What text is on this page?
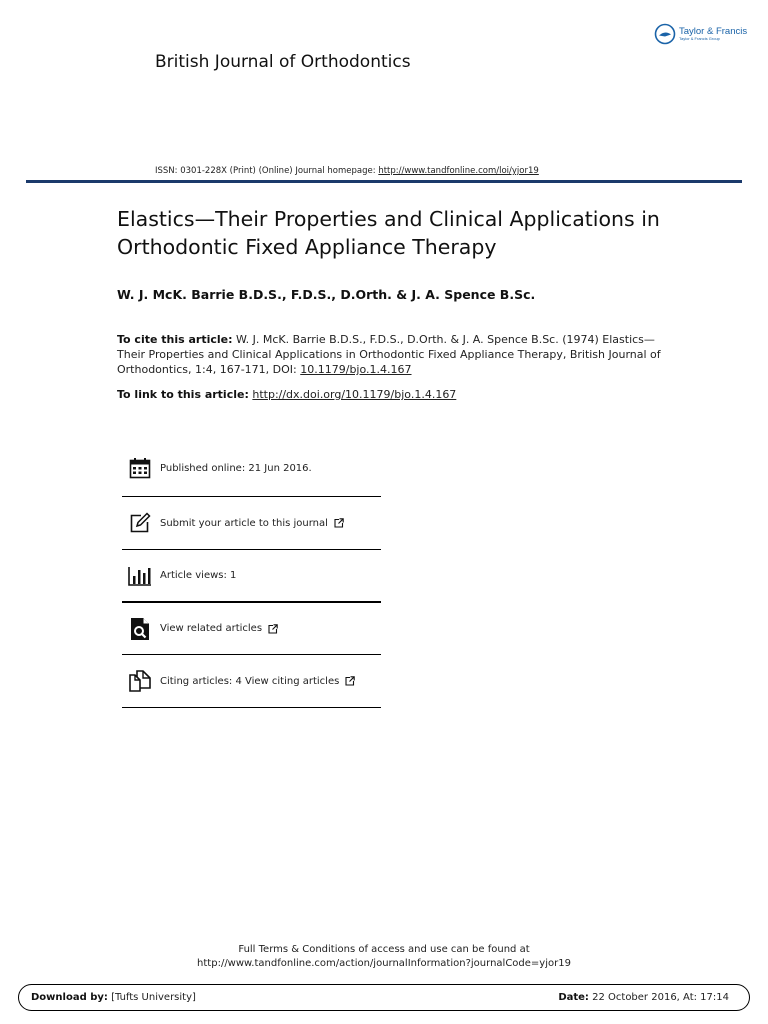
Taylor & Francis
Taylor & Francis Group
British Journal of Orthodontics
ISSN: 0301-228X (Print) (Online) Journal homepage: http://www.tandfonline.com/loi/yjor19
Elastics—Their Properties and Clinical Applications in Orthodontic Fixed Appliance Therapy
W. J. McK. Barrie B.D.S., F.D.S., D.Orth. & J. A. Spence B.Sc.
To cite this article: W. J. McK. Barrie B.D.S., F.D.S., D.Orth. & J. A. Spence B.Sc. (1974) Elastics—Their Properties and Clinical Applications in Orthodontic Fixed Appliance Therapy, British Journal of Orthodontics, 1:4, 167-171, DOI: 10.1179/bjo.1.4.167
To link to this article: http://dx.doi.org/10.1179/bjo.1.4.167
Published online: 21 Jun 2016.
Submit your article to this journal
Article views: 1
View related articles
Citing articles: 4 View citing articles
Full Terms & Conditions of access and use can be found at
http://www.tandfonline.com/action/journalInformation?journalCode=yjor19
Download by: [Tufts University]	Date: 22 October 2016, At: 17:14
